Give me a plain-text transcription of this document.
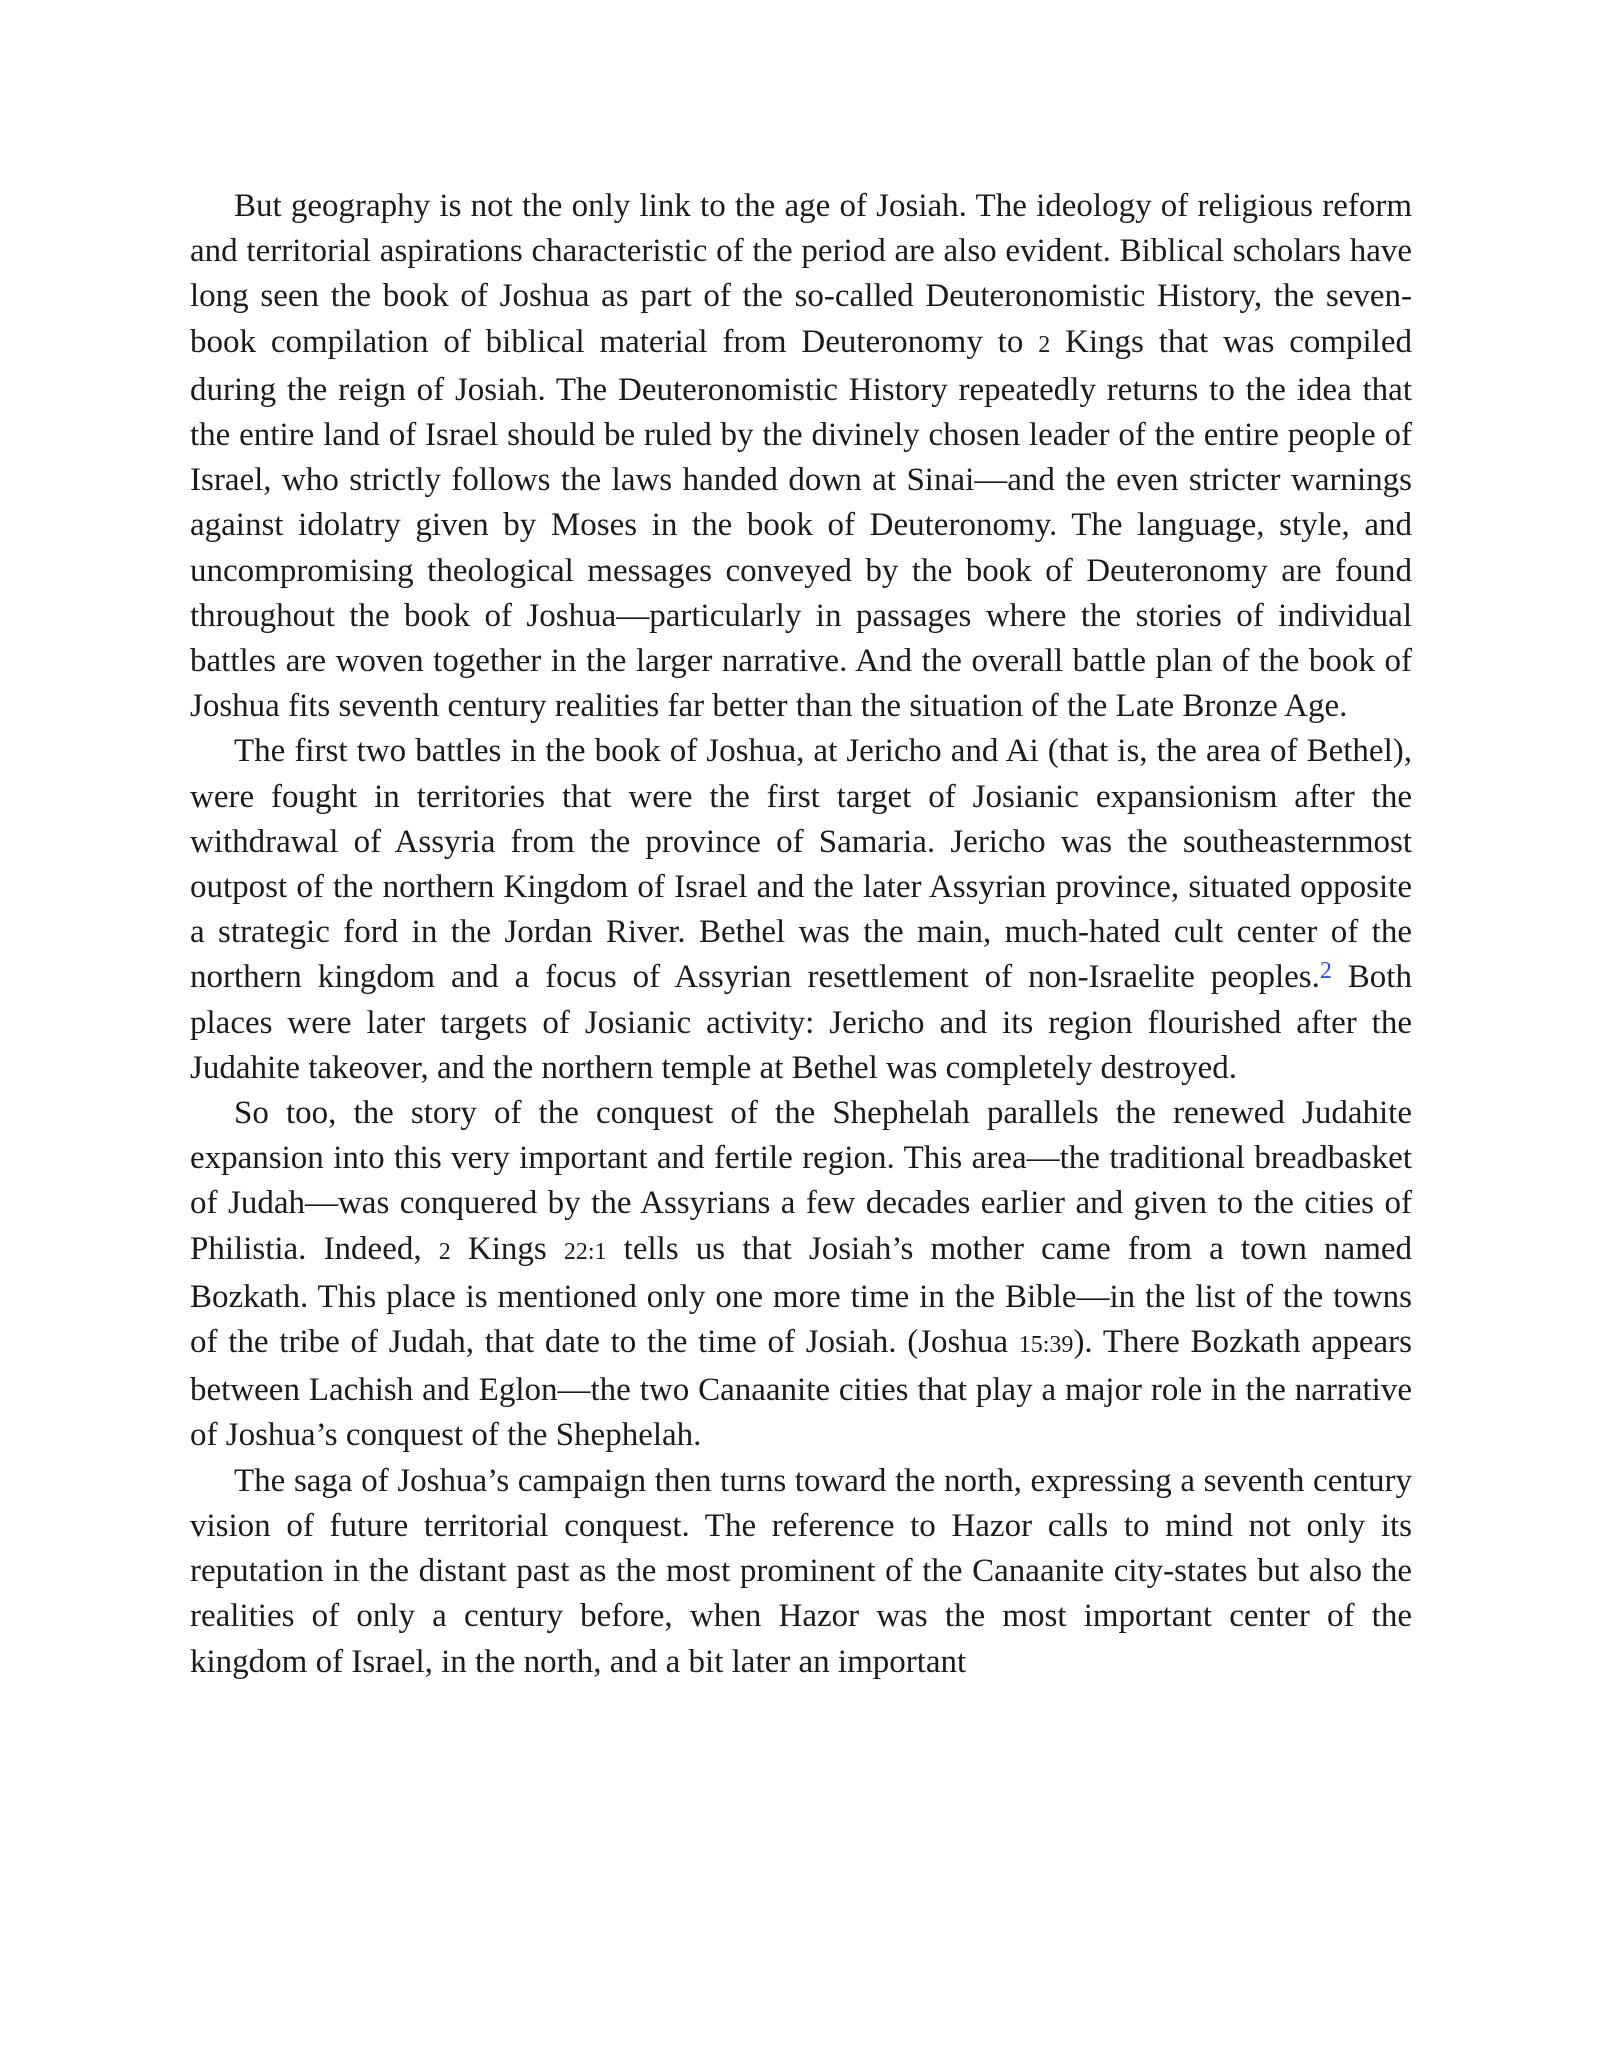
But geography is not the only link to the age of Josiah. The ideology of religious reform and territorial aspirations characteristic of the period are also evident. Biblical scholars have long seen the book of Joshua as part of the so-called Deuteronomistic History, the seven-book compilation of biblical material from Deuteronomy to 2 Kings that was compiled during the reign of Josiah. The Deuteronomistic History repeatedly returns to the idea that the entire land of Israel should be ruled by the divinely chosen leader of the entire people of Israel, who strictly follows the laws handed down at Sinai—and the even stricter warnings against idolatry given by Moses in the book of Deuteronomy. The language, style, and uncompromising theological messages conveyed by the book of Deuteronomy are found throughout the book of Joshua—particularly in passages where the stories of individual battles are woven together in the larger narrative. And the overall battle plan of the book of Joshua fits seventh century realities far better than the situation of the Late Bronze Age.

The first two battles in the book of Joshua, at Jericho and Ai (that is, the area of Bethel), were fought in territories that were the first target of Josianic expansionism after the withdrawal of Assyria from the province of Samaria. Jericho was the southeasternmost outpost of the northern Kingdom of Israel and the later Assyrian province, situated opposite a strategic ford in the Jordan River. Bethel was the main, much-hated cult center of the northern kingdom and a focus of Assyrian resettlement of non-Israelite peoples.$^2$ Both places were later targets of Josianic activity: Jericho and its region flourished after the Judahite takeover, and the northern temple at Bethel was completely destroyed.

So too, the story of the conquest of the Shephelah parallels the renewed Judahite expansion into this very important and fertile region. This area—the traditional breadbasket of Judah—was conquered by the Assyrians a few decades earlier and given to the cities of Philistia. Indeed, 2 Kings 22:1 tells us that Josiah’s mother came from a town named Bozkath. This place is mentioned only one more time in the Bible—in the list of the towns of the tribe of Judah, that date to the time of Josiah. (Joshua 15:39). There Bozkath appears between Lachish and Eglon—the two Canaanite cities that play a major role in the narrative of Joshua’s conquest of the Shephelah.

The saga of Joshua’s campaign then turns toward the north, expressing a seventh century vision of future territorial conquest. The reference to Hazor calls to mind not only its reputation in the distant past as the most prominent of the Canaanite city-states but also the realities of only a century before, when Hazor was the most important center of the kingdom of Israel, in the north, and a bit later an important
